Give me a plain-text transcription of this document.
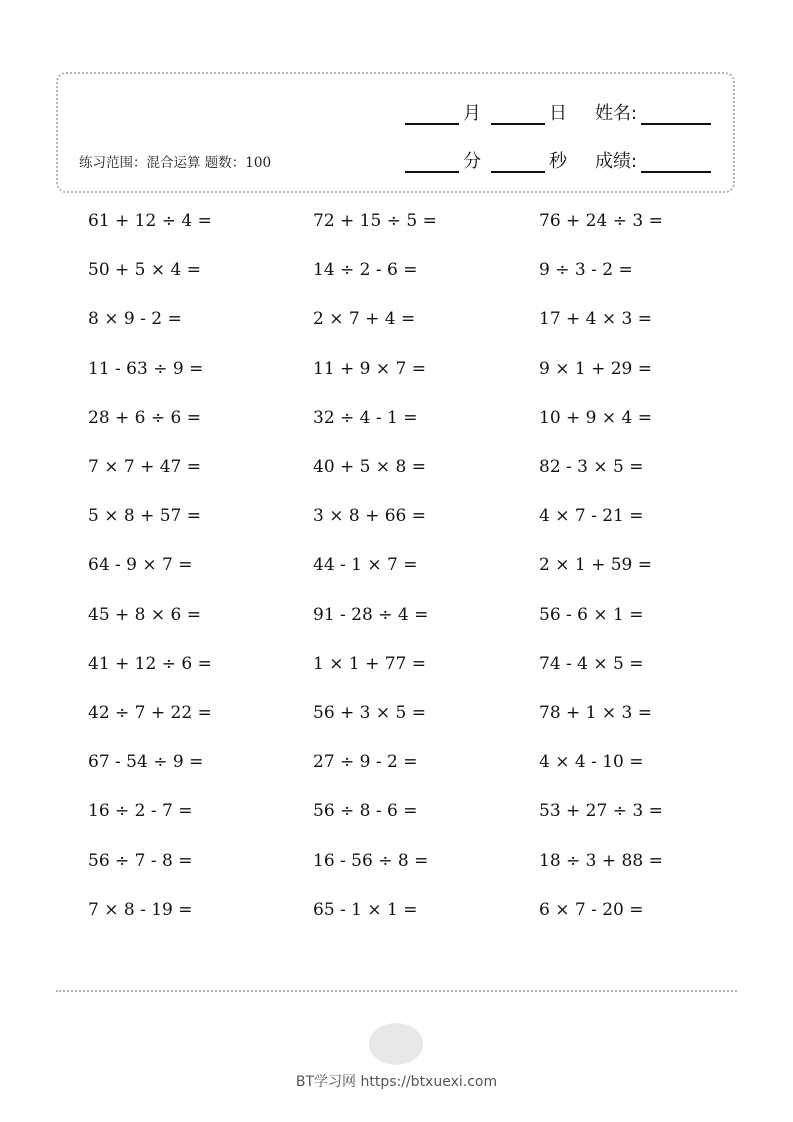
月	日 姓名:
分	秒 成绩:
练习范围：混合运算 题数：100
61 + 12 ÷ 4 =	72 + 15 ÷ 5 =	76 + 24 ÷ 3 =
50 + 5 × 4 =	14 ÷ 2 - 6 =	9 ÷ 3 - 2 =
8 × 9 - 2 =	2 × 7 + 4 =	17 + 4 × 3 =
11 - 63 ÷ 9 =	11 + 9 × 7 =	9 × 1 + 29 =
28 + 6 ÷ 6 =	32 ÷ 4 - 1 =	10 + 9 × 4 =
7 × 7 + 47 =	40 + 5 × 8 =	82 - 3 × 5 =
5 × 8 + 57 =	3 × 8 + 66 =	4 × 7 - 21 =
64 - 9 × 7 =	44 - 1 × 7 =	2 × 1 + 59 =
45 + 8 × 6 =	91 - 28 ÷ 4 =	56 - 6 × 1 =
41 + 12 ÷ 6 =	1 × 1 + 77 =	74 - 4 × 5 =
42 ÷ 7 + 22 =	56 + 3 × 5 =	78 + 1 × 3 =
67 - 54 ÷ 9 =	27 ÷ 9 - 2 =	4 × 4 - 10 =
16 ÷ 2 - 7 =	56 ÷ 8 - 6 =	53 + 27 ÷ 3 =
56 ÷ 7 - 8 =	16 - 56 ÷ 8 =	18 ÷ 3 + 88 =
7 × 8 - 19 =	65 - 1 × 1 =	6 × 7 - 20 =
BT学习网 https://btxuexi.com
